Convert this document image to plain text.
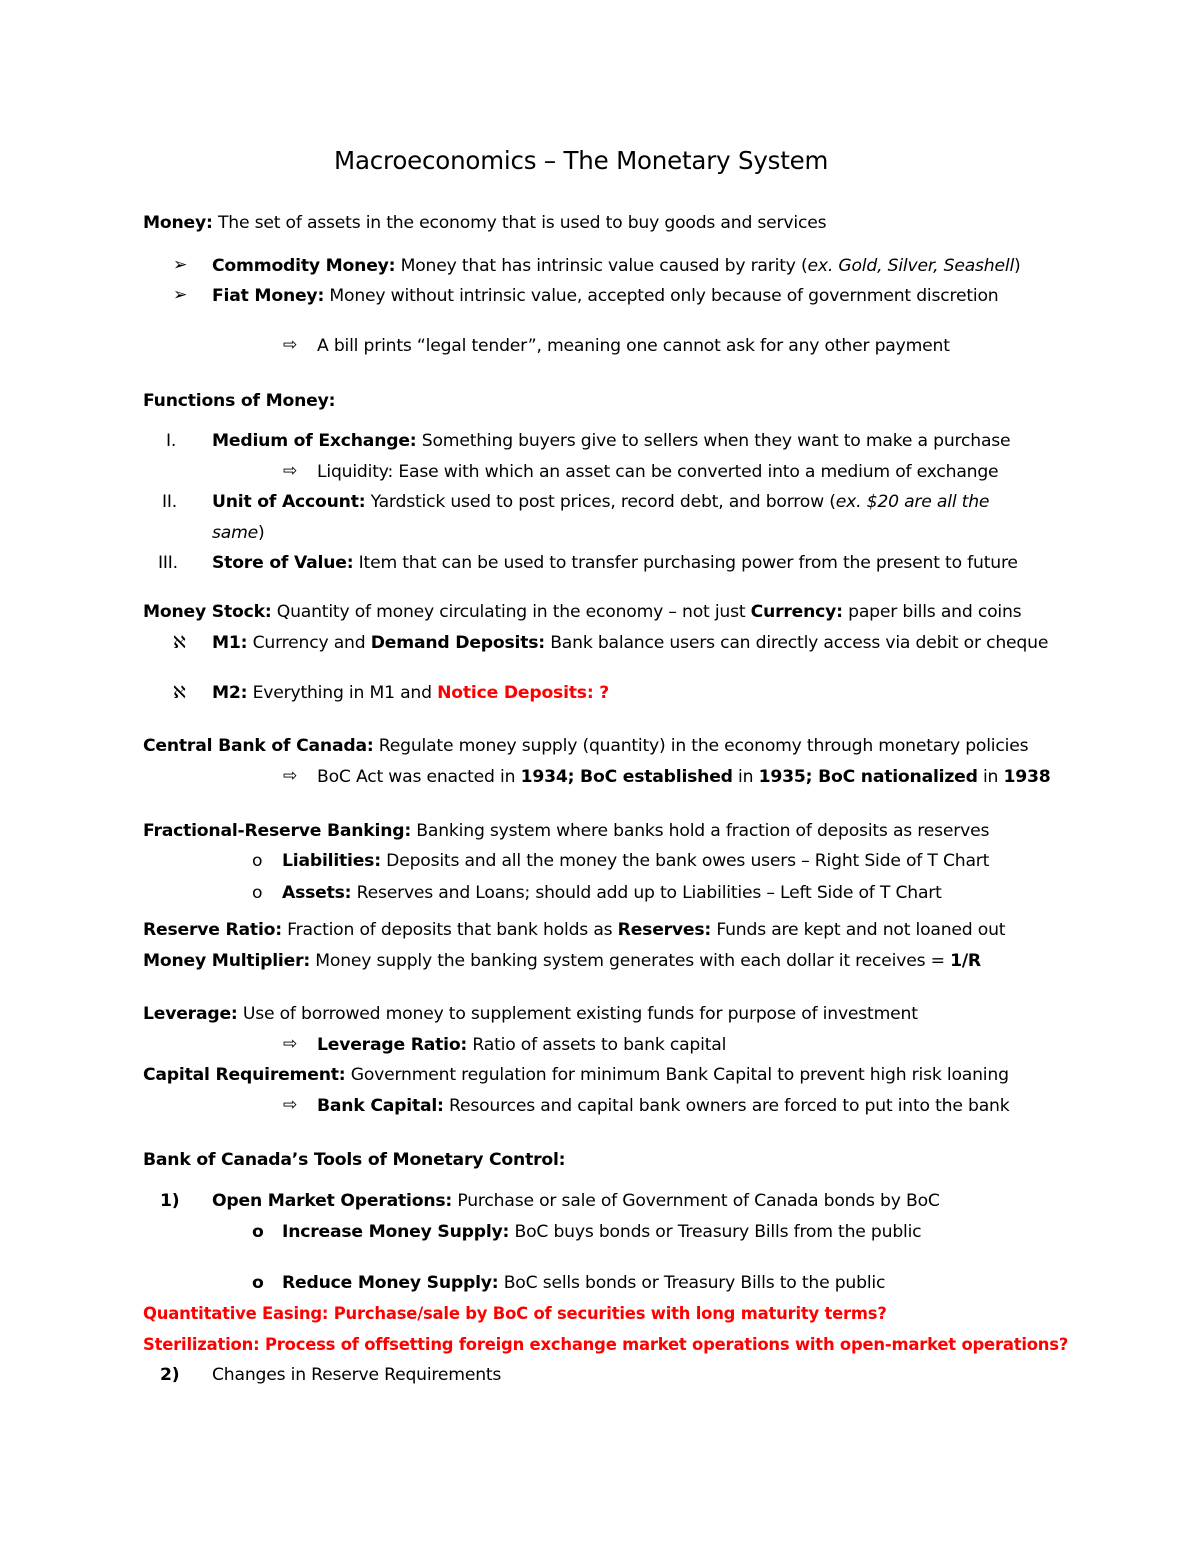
Macroeconomics – The Monetary System
Money: The set of assets in the economy that is used to buy goods and services
➢ Commodity Money: Money that has intrinsic value caused by rarity (ex. Gold, Silver, Seashell)
➢ Fiat Money: Money without intrinsic value, accepted only because of government discretion
⇨ A bill prints “legal tender”, meaning one cannot ask for any other payment
Functions of Money:
I. Medium of Exchange: Something buyers give to sellers when they want to make a purchase
⇨ Liquidity: Ease with which an asset can be converted into a medium of exchange
II. Unit of Account: Yardstick used to post prices, record debt, and borrow (ex. $20 are all the
same)
III. Store of Value: Item that can be used to transfer purchasing power from the present to future
Money Stock: Quantity of money circulating in the economy – not just Currency: paper bills and coins
ℵ M1: Currency and Demand Deposits: Bank balance users can directly access via debit or cheque
ℵ M2: Everything in M1 and Notice Deposits: ?
Central Bank of Canada: Regulate money supply (quantity) in the economy through monetary policies
⇨ BoC Act was enacted in 1934; BoC established in 1935; BoC nationalized in 1938
Fractional-Reserve Banking: Banking system where banks hold a fraction of deposits as reserves
o Liabilities: Deposits and all the money the bank owes users – Right Side of T Chart
o Assets: Reserves and Loans; should add up to Liabilities – Left Side of T Chart
Reserve Ratio: Fraction of deposits that bank holds as Reserves: Funds are kept and not loaned out
Money Multiplier: Money supply the banking system generates with each dollar it receives = 1/R
Leverage: Use of borrowed money to supplement existing funds for purpose of investment
⇨ Leverage Ratio: Ratio of assets to bank capital
Capital Requirement: Government regulation for minimum Bank Capital to prevent high risk loaning
⇨ Bank Capital: Resources and capital bank owners are forced to put into the bank
Bank of Canada’s Tools of Monetary Control:
1) Open Market Operations: Purchase or sale of Government of Canada bonds by BoC
o Increase Money Supply: BoC buys bonds or Treasury Bills from the public
o Reduce Money Supply: BoC sells bonds or Treasury Bills to the public
Quantitative Easing: Purchase/sale by BoC of securities with long maturity terms?
Sterilization: Process of offsetting foreign exchange market operations with open-market operations?
2) Changes in Reserve Requirements
